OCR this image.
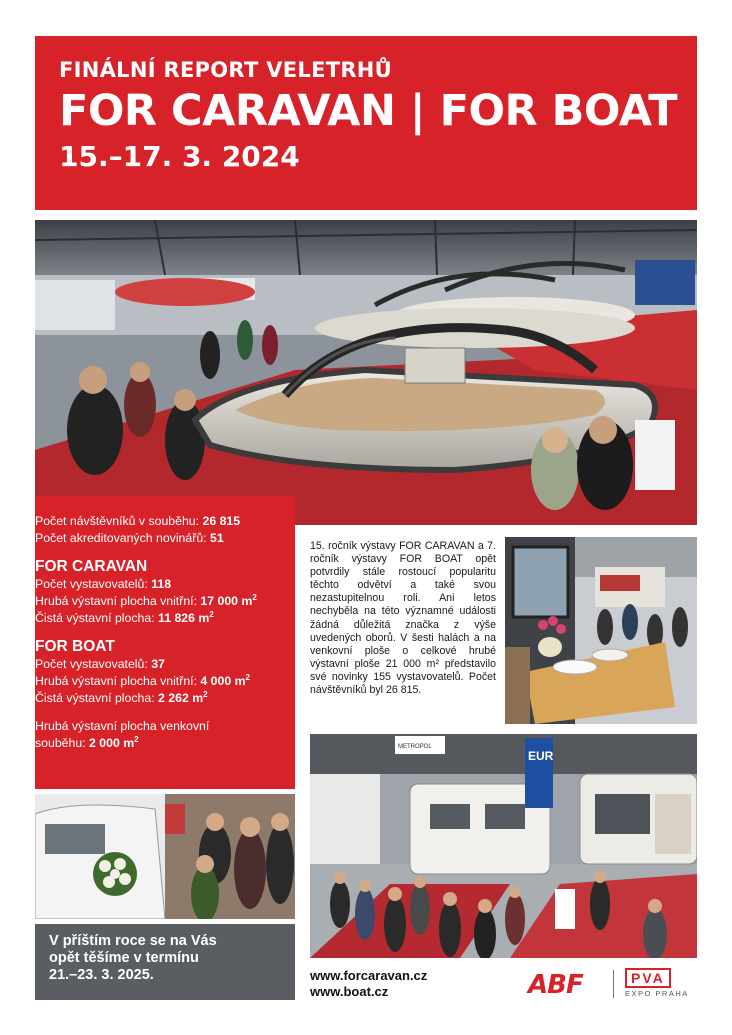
FINÁLNÍ REPORT VELETRHŮ
FOR CARAVAN | FOR BOAT
15.–17. 3. 2024

Počet návštěvníků v souběhu: 26 815

Počet akreditovaných novinářů: 51

FOR CARAVAN

Počet vystavovatelů: 118

Hrubá výstavní plocha vnitřní: 17 000 $m^2$

Čistá výstavní plocha: 11 826 $m^2$

FOR BOAT

Počet vystavovatelů: 37

Hrubá výstavní plocha vnitřní: 4 000 $m^2$

Čistá výstavní plocha: 2 262 $m^2$

Hrubá výstavní plocha venkovní

souběhu: 2 000 $m^2$

15. ročník výstavy FOR CARAVAN a 7. ročník výstavy FOR BOAT opět potvrdily stále rostoucí popularitu těchto odvětví a také svou nezastupitelnou roli. Ani letos nechyběla na této významné události žádná důležitá značka z výše uvedených oborů. V šesti halách a na venkovní ploše o celkové hrubé výstavní ploše 21 000 m² představilo své novinky 155 vystavovatelů. Počet návštěvníků byl 26 815.
EUR
METROPOL
V příštím roce se na Vás
opět těšíme v termínu
21.–23. 3. 2025.	www.forcaravan.cz
www.boat.cz	ABF	PVA
EXPO PRAHA
